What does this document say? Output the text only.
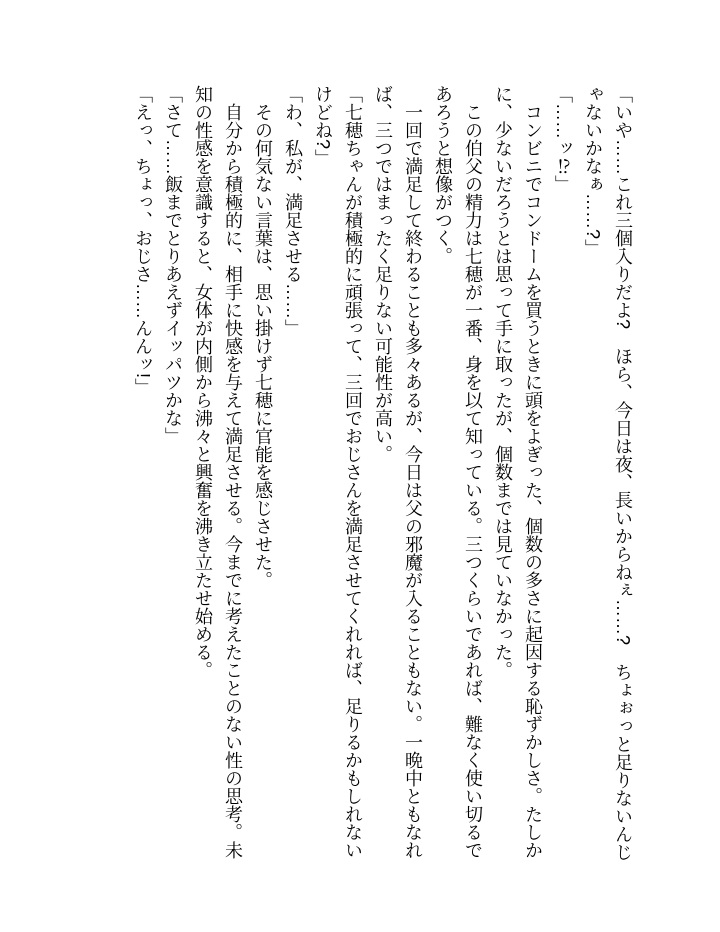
「いや……これ三個入りだよ?　ほら、今日は夜、長いからねぇ……?　ちょぉっと足りないんじ
ゃないかなぁ……?」
「……ッ⁉」
　コンビニでコンドームを買うときに頭をよぎった、個数の多さに起因する恥ずかしさ。たしか
に、少ないだろうとは思って手に取ったが、個数までは見ていなかった。
　この伯父の精力は七穂が一番、身を以て知っている。三つくらいであれば、難なく使い切るで
あろうと想像がつく。
　一回で満足して終わることも多々あるが、今日は父の邪魔が入ることもない。一晩中ともなれ
ば、三つではまったく足りない可能性が高い。
「七穂ちゃんが積極的に頑張って、三回でおじさんを満足させてくれれば、足りるかもしれない
けどね?」
「わ、私が、満足させる……」
　その何気ない言葉は、思い掛けず七穂に官能を感じさせた。
　自分から積極的に、相手に快感を与えて満足させる。今までに考えたことのない性の思考。未
知の性感を意識すると、女体が内側から沸々と興奮を沸き立たせ始める。
「さて……飯までとりあえずイッパツかな」
「えっ、ちょっ、おじさ……んんッ!」
